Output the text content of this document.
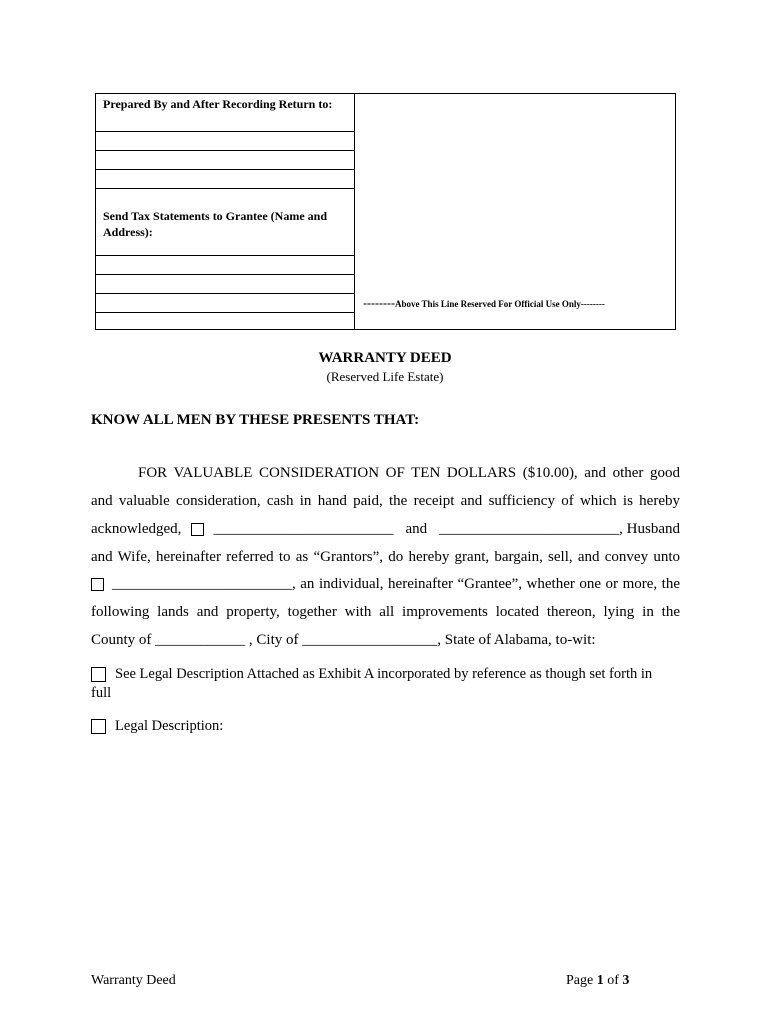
Prepared By and After Recording Return to:
Send Tax Statements to Grantee (Name and
Address):
--------Above This Line Reserved For Official Use Only--------
WARRANTY DEED
(Reserved Life Estate)
KNOW ALL MEN BY THESE PRESENTS THAT:
FOR VALUABLE CONSIDERATION OF TEN DOLLARS ($10.00), and other good
and valuable consideration, cash in hand paid, the receipt and sufficiency of which is hereby
acknowledged, ________________________ and ________________________, Husband
and Wife, hereinafter referred to as “Grantors”, do hereby grant, bargain, sell, and convey unto
________________________, an individual, hereinafter “Grantee”, whether one or more, the
following lands and property, together with all improvements located thereon, lying in the
County of ____________ , City of __________________, State of Alabama, to-wit:
See Legal Description Attached as Exhibit A incorporated by reference as though set forth in
full
Legal Description:
Warranty Deed	Page 1 of 3
